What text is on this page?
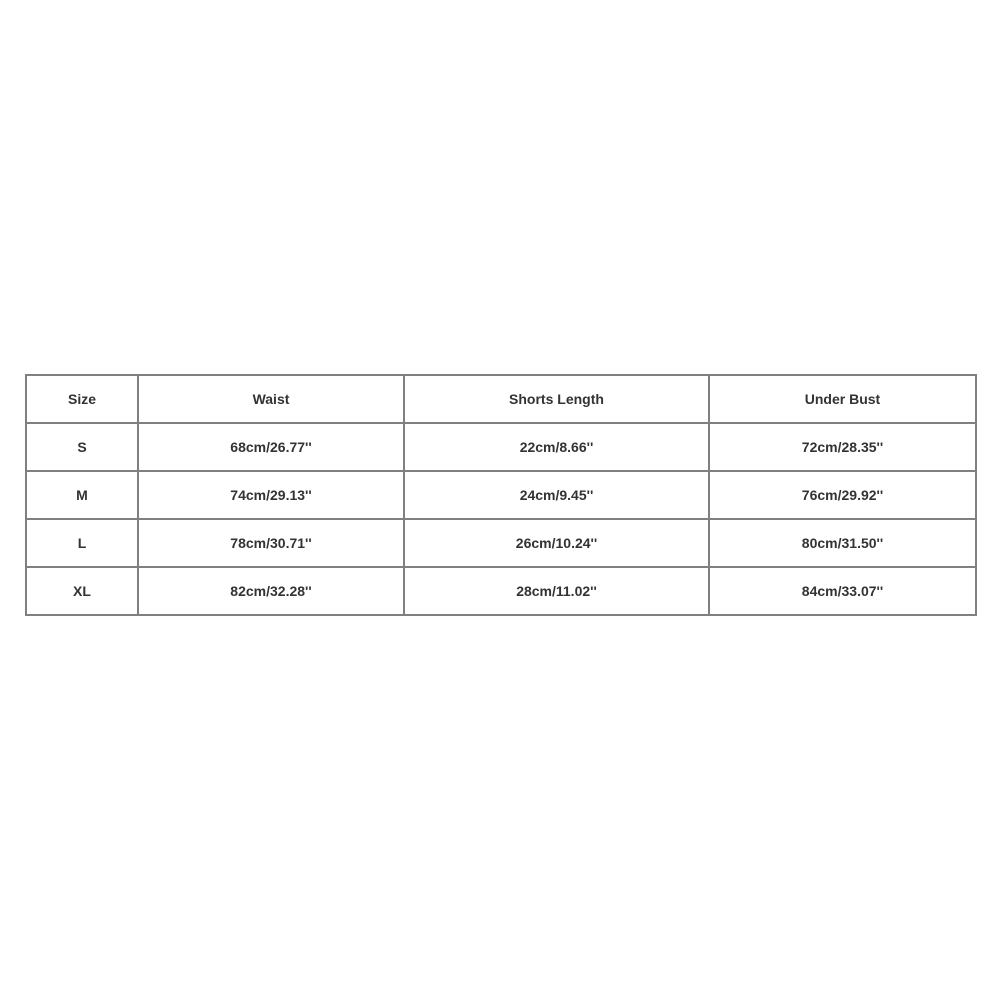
Size	Waist	Shorts Length	Under Bust
S	68cm/26.77''	22cm/8.66''	72cm/28.35''
M	74cm/29.13''	24cm/9.45''	76cm/29.92''
L	78cm/30.71''	26cm/10.24''	80cm/31.50''
XL	82cm/32.28''	28cm/11.02''	84cm/33.07''
